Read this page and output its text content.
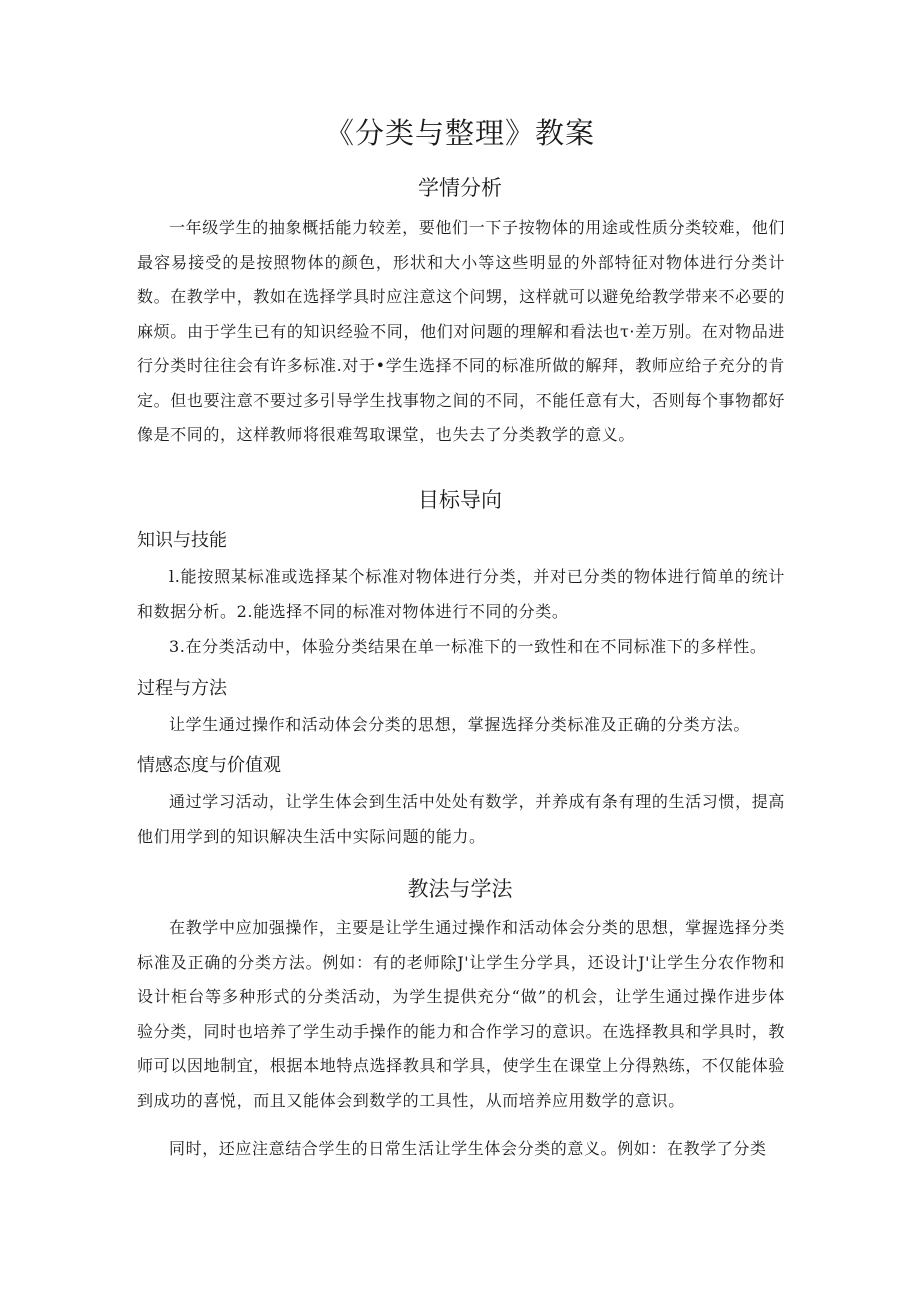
《分类与整理》教案
学情分析
一年级学生的抽象概括能力较差，要他们一下子按物体的用途或性质分类较难，他们最容易接受的是按照物体的颜色，形状和大小等这些明显的外部特征对物体进行分类计数。在教学中，教如在选择学具时应注意这个问甥，这样就可以避免给教学带来不必要的麻烦。由于学生已有的知识经验不同，他们对问题的理解和看法也τ·差万别。在对物品进行分类时往往会有许多标准.对于•学生选择不同的标准所做的解拜，教师应给子充分的肯定。但也要注意不要过多引导学生找事物之间的不同，不能任意有大，否则每个事物都好像是不同的，这样教师将很难驾取课堂，也失去了分类教学的意义。
目标导向
知识与技能
l.能按照某标准或选择某个标准对物体进行分类，并对已分类的物体进行简单的统计和数据分析。2.能选择不同的标准对物体进行不同的分类。
3.在分类活动中，体验分类结果在单一标准下的一致性和在不同标准下的多样性。
过程与方法
让学生通过操作和活动体会分类的思想，掌握选择分类标准及正确的分类方法。
情感态度与价值观
通过学习活动，让学生体会到生活中处处有数学，并养成有条有理的生活习惯，提高他们用学到的知识解决生活中实际问题的能力。
教法与学法
在教学中应加强操作，主要是让学生通过操作和活动体会分类的思想，掌握选择分类标准及正确的分类方法。例如：有的老师除J'让学生分学具，还设计J'让学生分农作物和设计柜台等多种形式的分类活动，为学生提供充分“做”的机会，让学生通过操作进步体验分类，同时也培养了学生动手操作的能力和合作学习的意识。在选择教具和学具时，教师可以因地制宜，根据本地特点选择教具和学具，使学生在课堂上分得熟练，不仅能体验到成功的喜悦，而且又能体会到数学的工具性，从而培养应用数学的意识。
同时，还应注意结合学生的日常生活让学生体会分类的意义。例如：在教学了分类
